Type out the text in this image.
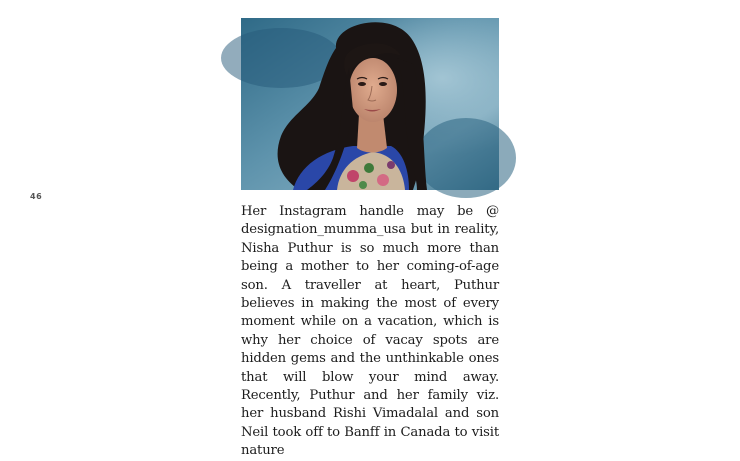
46

Her Instagram handle may be @ designation_mumma_usa but in reality, Nisha Puthur is so much more than being a mother to her coming-of-age son. A traveller at heart, Puthur believes in making the most of every moment while on a vacation, which is why her choice of vacay spots are hidden gems and the unthinkable ones that will blow your mind away. Recently, Puthur and her family viz. her husband Rishi Vimadalal and son Neil took off to Banff in Canada to visit nature
